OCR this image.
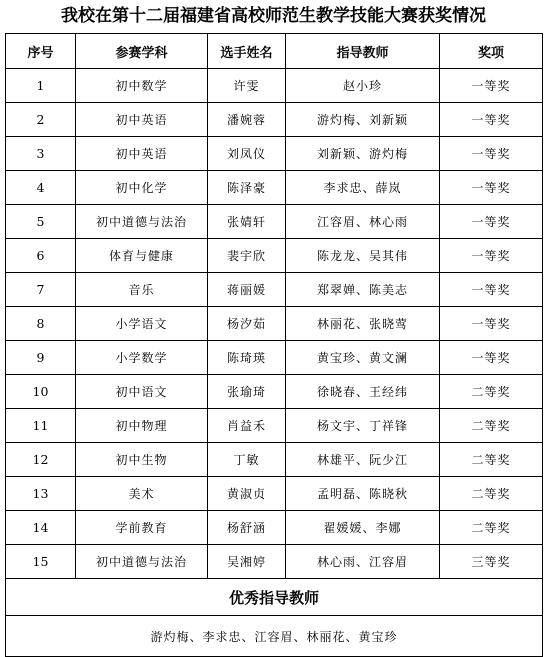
我校在第十二届福建省高校师范生教学技能大赛获奖情况
序号	参赛学科	选手姓名	指导教师	奖项
1	初中数学	许雯	赵小珍	一等奖
2	初中英语	潘婉蓉	游灼梅、刘新颖	一等奖
3	初中英语	刘凤仪	刘新颖、游灼梅	一等奖
4	初中化学	陈泽豪	李求忠、薛岚	一等奖
5	初中道德与法治	张婧轩	江容眉、林心雨	一等奖
6	体育与健康	裴宇欣	陈龙龙、吴其伟	一等奖
7	音乐	蒋丽媛	郑翠婵、陈美志	一等奖
8	小学语文	杨汐茹	林丽花、张晓莺	一等奖
9	小学数学	陈琦瑛	黄宝珍、黄文澜	一等奖
10	初中语文	张瑜琦	徐晓春、王经纬	二等奖
11	初中物理	肖益禾	杨文宇、丁祥锋	二等奖
12	初中生物	丁敏	林雄平、阮少江	二等奖
13	美术	黄淑贞	孟明磊、陈晓秋	二等奖
14	学前教育	杨舒涵	翟媛媛、李娜	二等奖
15	初中道德与法治	吴湘婷	林心雨、江容眉	三等奖
优秀指导教师				
游灼梅、李求忠、江容眉、林丽花、黄宝珍				
